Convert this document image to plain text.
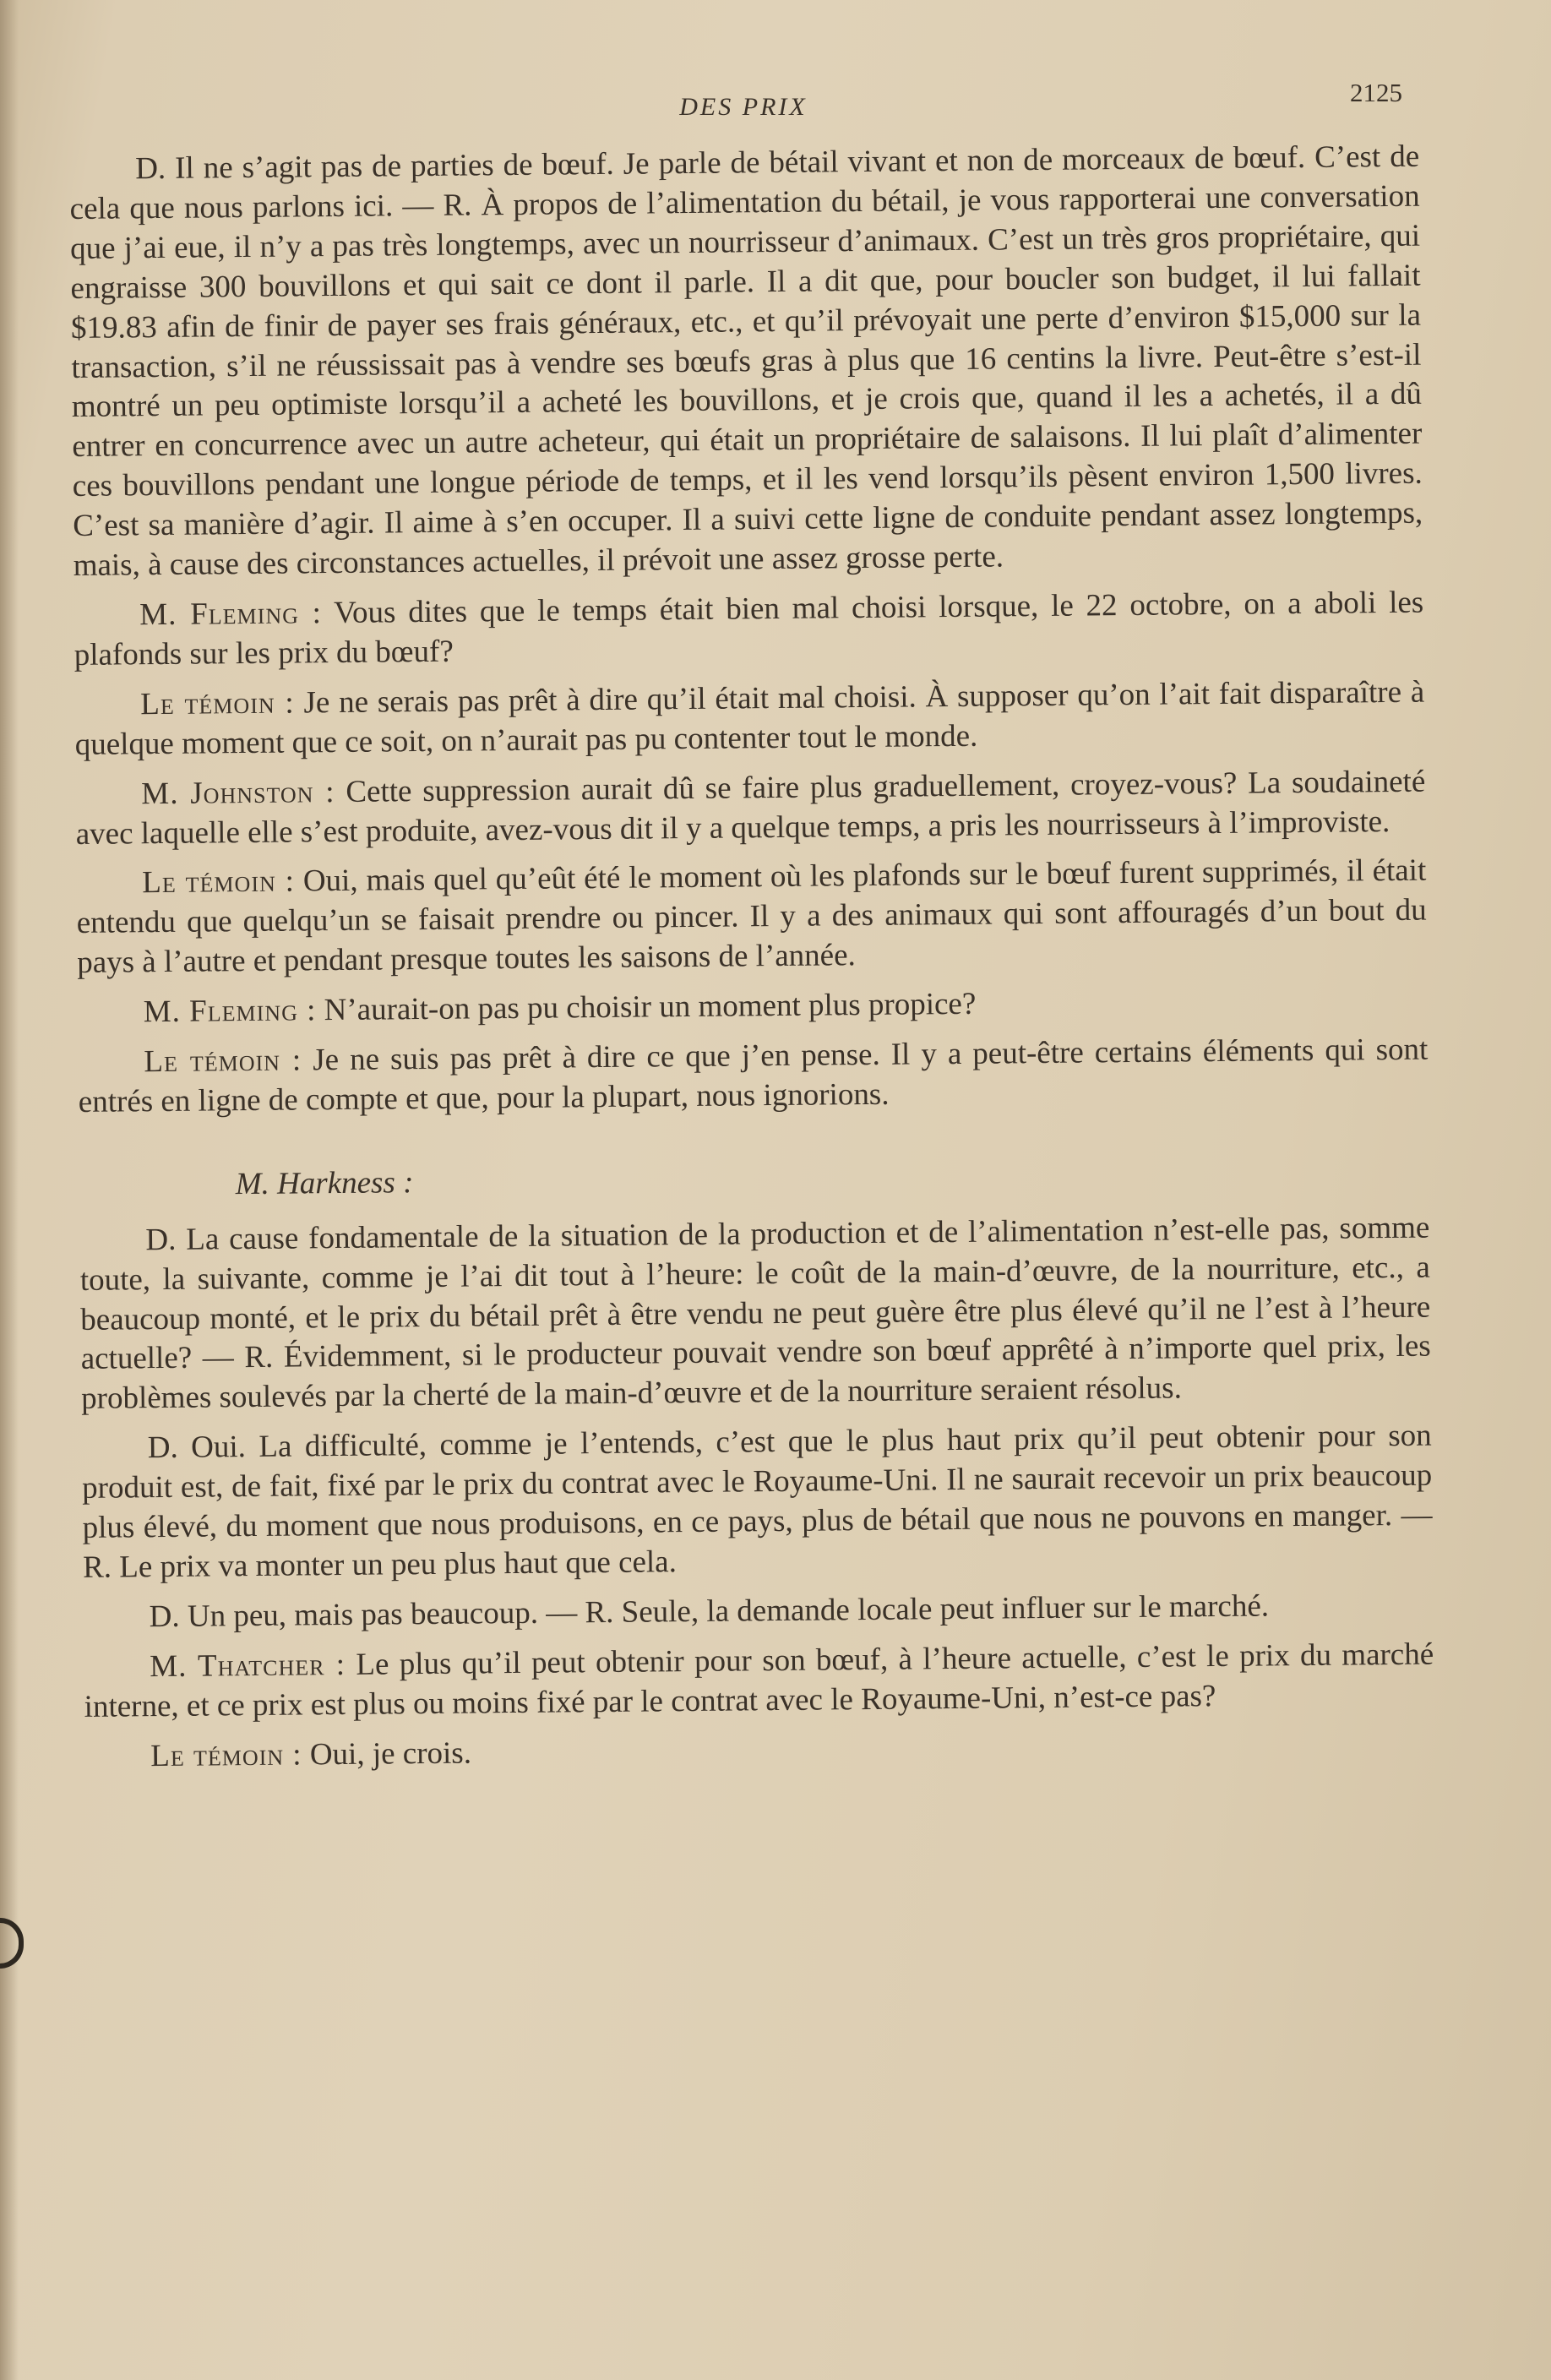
DES PRIX	2125

D. Il ne s’agit pas de parties de bœuf. Je parle de bétail vivant et non de morceaux de bœuf. C’est de cela que nous parlons ici. — R. À propos de l’alimentation du bétail, je vous rapporterai une conversation que j’ai eue, il n’y a pas très longtemps, avec un nourrisseur d’animaux. C’est un très gros propriétaire, qui engraisse 300 bouvillons et qui sait ce dont il parle. Il a dit que, pour boucler son budget, il lui fallait $19.83 afin de finir de payer ses frais généraux, etc., et qu’il prévoyait une perte d’environ $15,000 sur la transaction, s’il ne réussissait pas à vendre ses bœufs gras à plus que 16 centins la livre. Peut-être s’est-il montré un peu optimiste lorsqu’il a acheté les bouvillons, et je crois que, quand il les a achetés, il a dû entrer en concurrence avec un autre acheteur, qui était un propriétaire de salaisons. Il lui plaît d’alimenter ces bouvillons pendant une longue période de temps, et il les vend lorsqu’ils pèsent environ 1,500 livres. C’est sa manière d’agir. Il aime à s’en occuper. Il a suivi cette ligne de conduite pendant assez longtemps, mais, à cause des circonstances actuelles, il prévoit une assez grosse perte.

M. Fleming : Vous dites que le temps était bien mal choisi lorsque, le 22 octobre, on a aboli les plafonds sur les prix du bœuf?

Le témoin : Je ne serais pas prêt à dire qu’il était mal choisi. À supposer qu’on l’ait fait disparaître à quelque moment que ce soit, on n’aurait pas pu contenter tout le monde.

M. Johnston : Cette suppression aurait dû se faire plus graduellement, croyez-vous? La soudaineté avec laquelle elle s’est produite, avez-vous dit il y a quelque temps, a pris les nourrisseurs à l’improviste.

Le témoin : Oui, mais quel qu’eût été le moment où les plafonds sur le bœuf furent supprimés, il était entendu que quelqu’un se faisait prendre ou pincer. Il y a des animaux qui sont affouragés d’un bout du pays à l’autre et pendant presque toutes les saisons de l’année.

M. Fleming : N’aurait-on pas pu choisir un moment plus propice?

Le témoin : Je ne suis pas prêt à dire ce que j’en pense. Il y a peut-être certains éléments qui sont entrés en ligne de compte et que, pour la plupart, nous ignorions.

M. Harkness :

D. La cause fondamentale de la situation de la production et de l’alimentation n’est-elle pas, somme toute, la suivante, comme je l’ai dit tout à l’heure: le coût de la main-d’œuvre, de la nourriture, etc., a beaucoup monté, et le prix du bétail prêt à être vendu ne peut guère être plus élevé qu’il ne l’est à l’heure actuelle? — R. Évidemment, si le producteur pouvait vendre son bœuf apprêté à n’importe quel prix, les problèmes soulevés par la cherté de la main-d’œuvre et de la nourriture seraient résolus.

D. Oui. La difficulté, comme je l’entends, c’est que le plus haut prix qu’il peut obtenir pour son produit est, de fait, fixé par le prix du contrat avec le Royaume-Uni. Il ne saurait recevoir un prix beaucoup plus élevé, du moment que nous produisons, en ce pays, plus de bétail que nous ne pouvons en manger. — R. Le prix va monter un peu plus haut que cela.

D. Un peu, mais pas beaucoup. — R. Seule, la demande locale peut influer sur le marché.

M. Thatcher : Le plus qu’il peut obtenir pour son bœuf, à l’heure actuelle, c’est le prix du marché interne, et ce prix est plus ou moins fixé par le contrat avec le Royaume-Uni, n’est-ce pas?

Le témoin : Oui, je crois.
